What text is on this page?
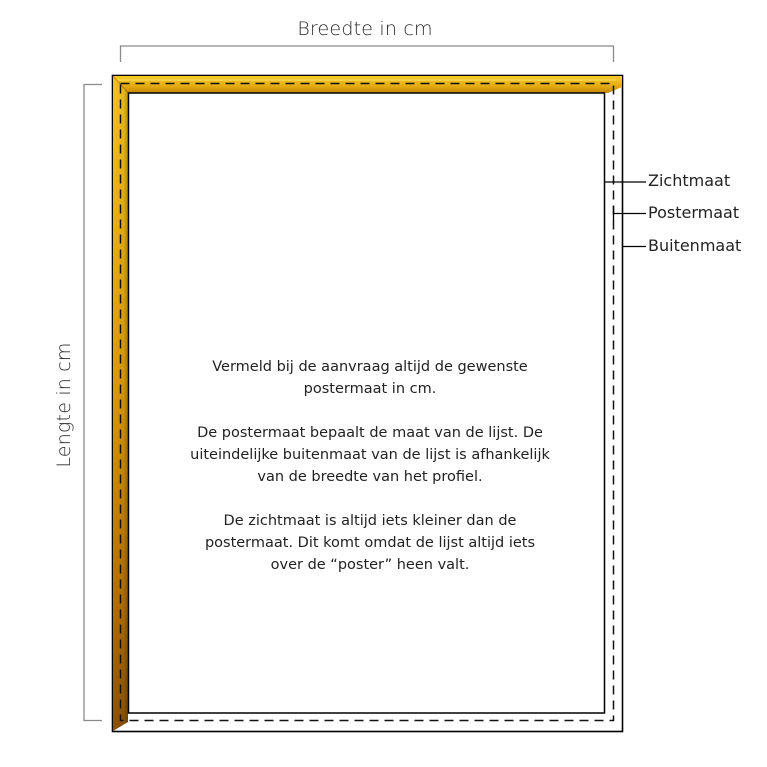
Breedte in cm
Lengte in cm
Zichtmaat
Postermaat
Buitenmaat

Vermeld bij de aanvraag altijd de gewenste postermaat in cm.

De postermaat bepaalt de maat van de lijst. De uiteindelijke buitenmaat van de lijst is afhankelijk van de breedte van het profiel.

De zichtmaat is altijd iets kleiner dan de postermaat. Dit komt omdat de lijst altijd iets over de “poster” heen valt.
